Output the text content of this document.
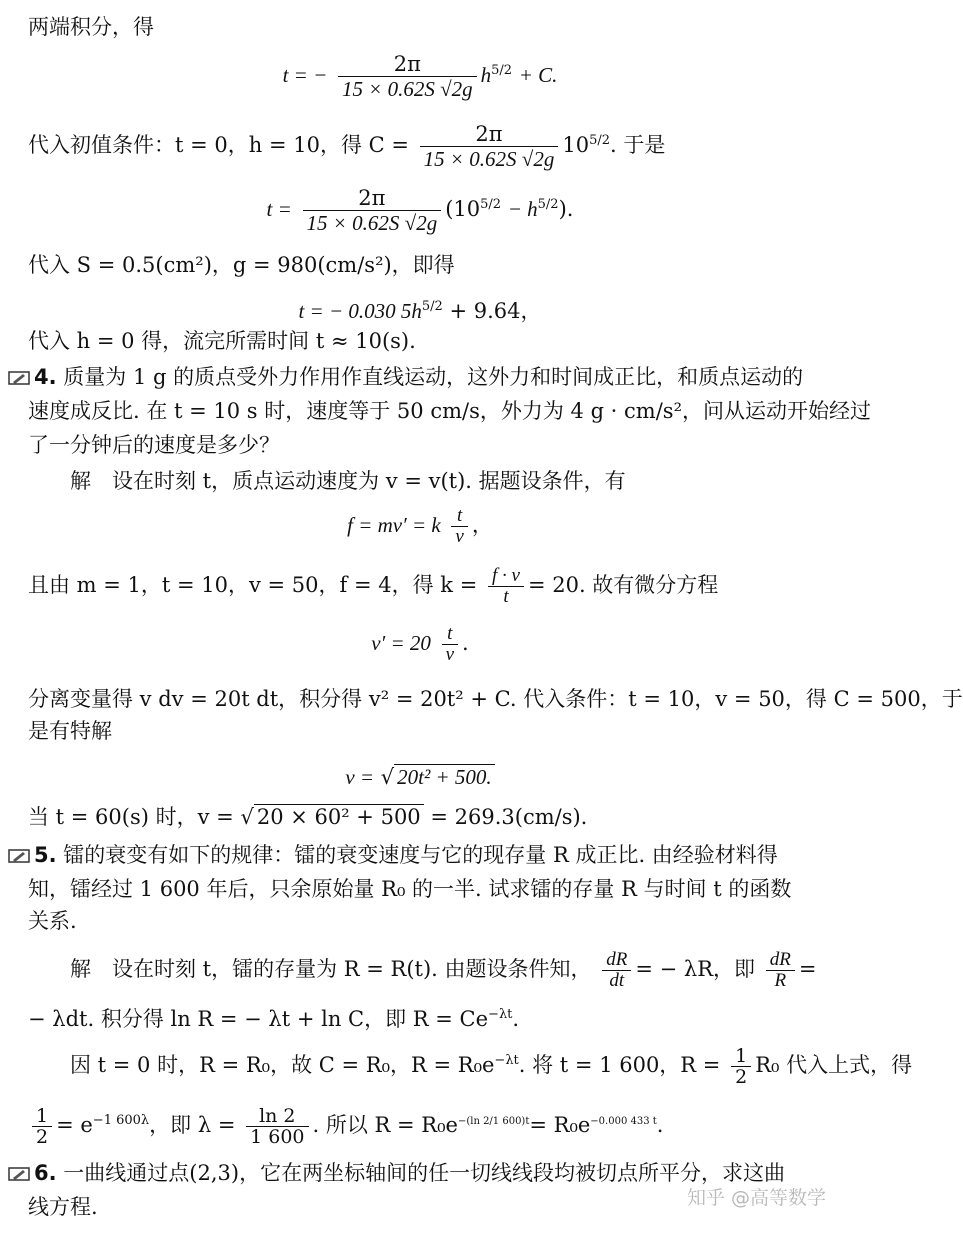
两端积分，得
t = − $\frac{2\pi}{15 \times 0.62S √2g} h^{5/2} + C$.
代入初值条件：t = 0，h = 10，得 $C = \frac{2\pi}{15 \times 0.62S √2g} 10^{5/2}$. 于是
$t = \frac{2\pi}{15 \times 0.62S √2g} (10^{5/2} - h^{5/2})$.
代入 S = 0.5(cm²)，g = 980(cm/s²)，即得
t = − 0.030 $5h^{5/2} + 9.64$，
代入 h = 0 得，流完所需时间 t ≈ 10(s).
4. 质量为 1 g 的质点受外力作用作直线运动，这外力和时间成正比，和质点运动的
速度成反比. 在 t = 10 s 时，速度等于 50 cm/s，外力为 4 g · cm/s²，问从运动开始经过
了一分钟后的速度是多少？
解　设在时刻 t，质点运动速度为 v = v(t). 据题设条件，有
f = mv′ = k $\frac{t}{v}$ ，
且由 m = 1，t = 10，v = 50，f = 4，得 $k = \frac{f \cdot v}{t} = 20$. 故有微分方程
$v' = 20 \frac{t}{v}$ .
分离变量得 v dv = 20t dt，积分得 v² = 20t² + C. 代入条件：t = 10，v = 50，得 C = 500，于
是有特解
v = √ 20t² + 500.
当 t = 60(s) 时，v = √ 20 × 60² + 500 = 269.3(cm/s).
5. 镭的衰变有如下的规律：镭的衰变速度与它的现存量 R 成正比. 由经验材料得
知，镭经过 1 600 年后，只余原始量 R₀ 的一半. 试求镭的存量 R 与时间 t 的函数
关系.
解　设在时刻 t，镭的存量为 R = R(t). 由题设条件知， $\frac{dR}{dt}$ = − λR，即 $\frac{dR}{R}$ =
− λdt. 积分得 ln R = − λt + ln C，即 $R = Ce^{-\lambda t}$.
因 t = 0 时，R = R₀，故 C = R₀，$R = R_0e^{-\lambda t}$. 将 t = 1 600，$R = \frac{1}{2} R_0$ 代入上式，得
$\frac{1}{2} = e^{-1 600\lambda}$，即 $\lambda = \frac{\ln 2}{1 600}$ . 所以 $R = R_0e^{-(ln 2/1 600)t}= R_0e^{-0.000 433 t}$.
6. 一曲线通过点(2,3)，它在两坐标轴间的任一切线线段均被切点所平分，求这曲
线方程.	知乎 @高等数学
